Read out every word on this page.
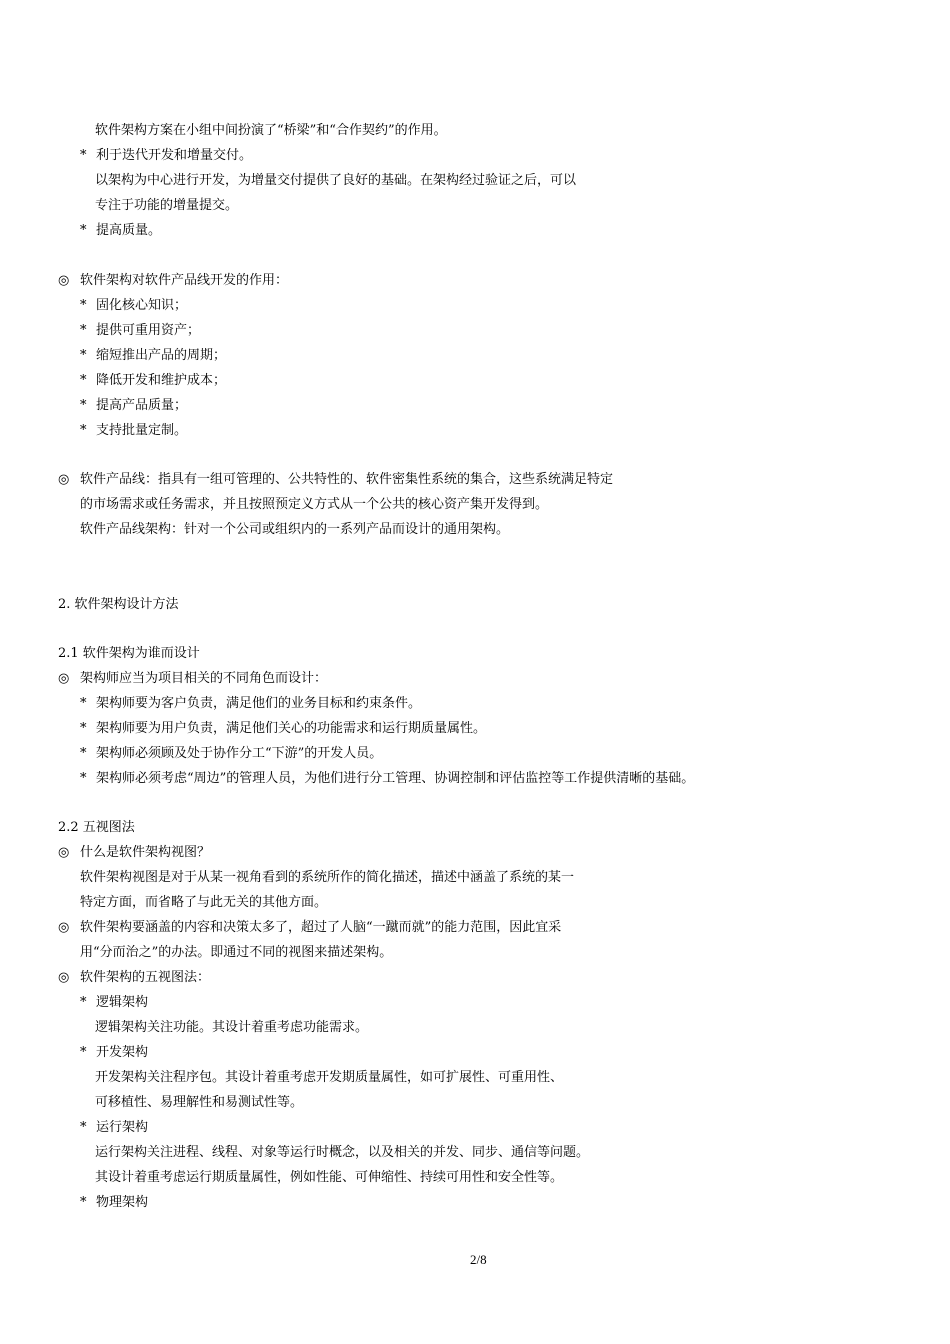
软件架构方案在小组中间扮演了“桥梁”和“合作契约”的作用。
* 利于迭代开发和增量交付。
以架构为中心进行开发，为增量交付提供了良好的基础。在架构经过验证之后，可以
专注于功能的增量提交。
* 提高质量。
◎ 软件架构对软件产品线开发的作用：
* 固化核心知识；
* 提供可重用资产；
* 缩短推出产品的周期；
* 降低开发和维护成本；
* 提高产品质量；
* 支持批量定制。
◎ 软件产品线：指具有一组可管理的、公共特性的、软件密集性系统的集合，这些系统满足特定
的市场需求或任务需求，并且按照预定义方式从一个公共的核心资产集开发得到。
软件产品线架构：针对一个公司或组织内的一系列产品而设计的通用架构。
2. 软件架构设计方法
2.1 软件架构为谁而设计
◎ 架构师应当为项目相关的不同角色而设计：
* 架构师要为客户负责，满足他们的业务目标和约束条件。
* 架构师要为用户负责，满足他们关心的功能需求和运行期质量属性。
* 架构师必须顾及处于协作分工“下游”的开发人员。
* 架构师必须考虑“周边”的管理人员，为他们进行分工管理、协调控制和评估监控等工作提供清晰的基础。
2.2 五视图法
◎ 什么是软件架构视图？
软件架构视图是对于从某一视角看到的系统所作的简化描述，描述中涵盖了系统的某一
特定方面，而省略了与此无关的其他方面。
◎ 软件架构要涵盖的内容和决策太多了，超过了人脑“一蹴而就”的能力范围，因此宜采
用“分而治之”的办法。即通过不同的视图来描述架构。
◎ 软件架构的五视图法：
* 逻辑架构
逻辑架构关注功能。其设计着重考虑功能需求。
* 开发架构
开发架构关注程序包。其设计着重考虑开发期质量属性，如可扩展性、可重用性、
可移植性、易理解性和易测试性等。
* 运行架构
运行架构关注进程、线程、对象等运行时概念，以及相关的并发、同步、通信等问题。
其设计着重考虑运行期质量属性，例如性能、可伸缩性、持续可用性和安全性等。
* 物理架构
2/8
